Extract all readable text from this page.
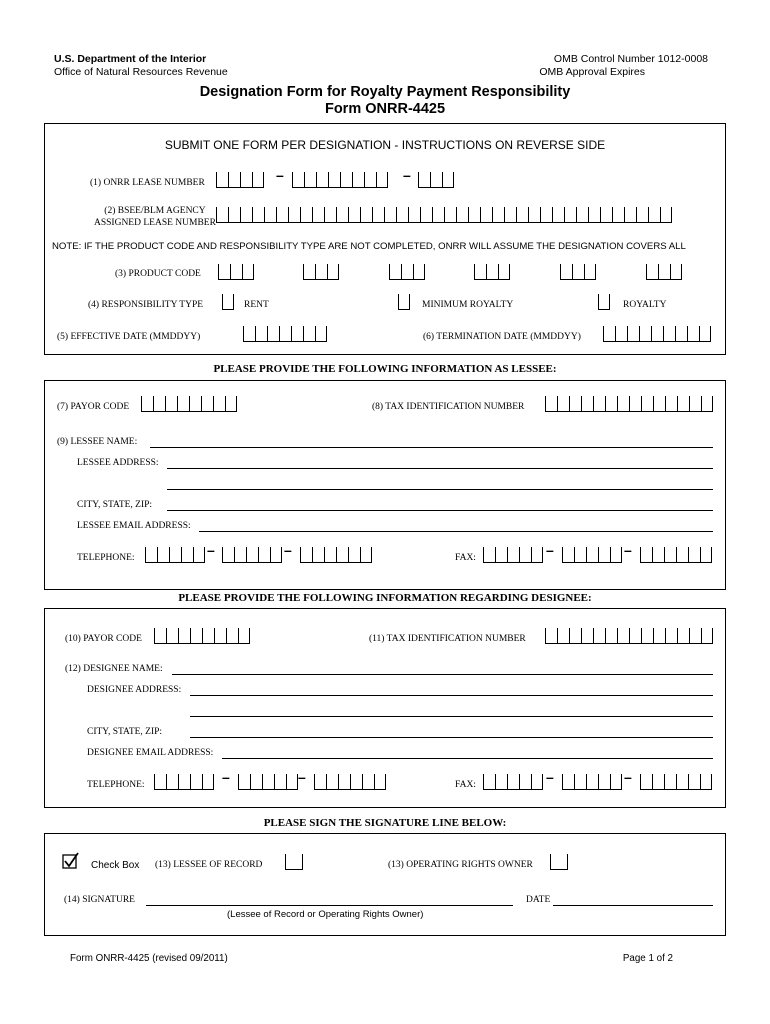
U.S. Department of the Interior
Office of Natural Resources Revenue
OMB Control Number 1012-0008
OMB Approval Expires
Designation Form for Royalty Payment Responsibility
Form ONRR-4425
SUBMIT ONE FORM PER DESIGNATION - INSTRUCTIONS ON REVERSE SIDE
(1) ONRR LEASE NUMBER	–	–
(2) BSEE/BLM AGENCY
ASSIGNED LEASE NUMBER
NOTE: IF THE PRODUCT CODE AND RESPONSIBILITY TYPE ARE NOT COMPLETED, ONRR WILL ASSUME THE DESIGNATION COVERS ALL
(3) PRODUCT CODE
(4) RESPONSIBILITY TYPE	RENT	MINIMUM ROYALTY	ROYALTY
(5) EFFECTIVE DATE (MMDDYY)	(6) TERMINATION DATE (MMDDYY)
PLEASE PROVIDE THE FOLLOWING INFORMATION AS LESSEE:
(7) PAYOR CODE	(8) TAX IDENTIFICATION NUMBER
(9) LESSEE NAME:
LESSEE ADDRESS:
CITY, STATE, ZIP:
LESSEE EMAIL ADDRESS:
TELEPHONE:	–	–	FAX:	–	–
PLEASE PROVIDE THE FOLLOWING INFORMATION REGARDING DESIGNEE:
(10) PAYOR CODE	(11) TAX IDENTIFICATION NUMBER
(12) DESIGNEE NAME:
DESIGNEE ADDRESS:
CITY, STATE, ZIP:
DESIGNEE EMAIL ADDRESS:
TELEPHONE:	–	–	FAX:	–	–
PLEASE SIGN THE SIGNATURE LINE BELOW:
Check Box (13) LESSEE OF RECORD	(13) OPERATING RIGHTS OWNER
(14) SIGNATURE	DATE
(Lessee of Record or Operating Rights Owner)
Form ONRR-4425 (revised 09/2011)	Page 1 of 2
